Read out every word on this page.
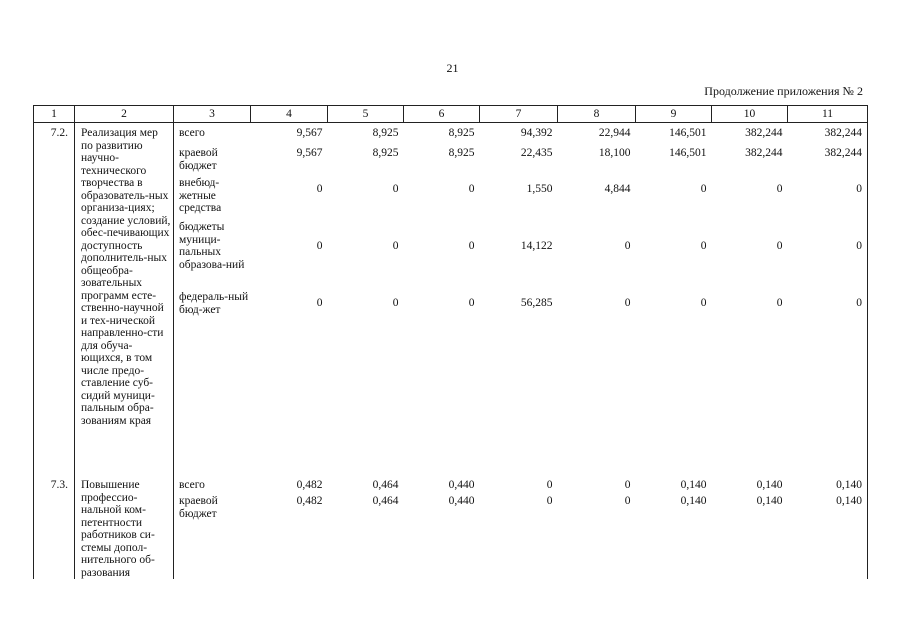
21
Продолжение приложения № 2
1	2	3	4	5	6	7	8	9	10	11
7.2.	Реализация мер по развитию научно-технического творчества в образователь-ных организа-циях; создание условий, обес-печивающих доступность дополнитель-ных общеобра-зовательных программ есте-ственно-научной и тех-нической направленно-сти для обуча-ющихся, в том числе предо-ставление суб-сидий муници-пальным обра-зованиям края	всего	9,567	8,925	8,925	94,392	22,944	146,501	382,244	382,244
		краевой бюджет	9,567	8,925	8,925	22,435	18,100	146,501	382,244	382,244
		внебюд-жетные средства	0	0	0	1,550	4,844	0	0	0
		бюджеты муници-пальных образова-ний	0	0	0	14,122	0	0	0	0
		федераль-ный бюд-жет	0	0	0	56,285	0	0	0	0

7.3.	Повышение профессио-нальной ком-петентности работников си-стемы допол-нительного об-разования	всего	0,482	0,464	0,440	0	0	0,140	0,140	0,140
		краевой бюджет	0,482	0,464	0,440	0	0	0,140	0,140	0,140
